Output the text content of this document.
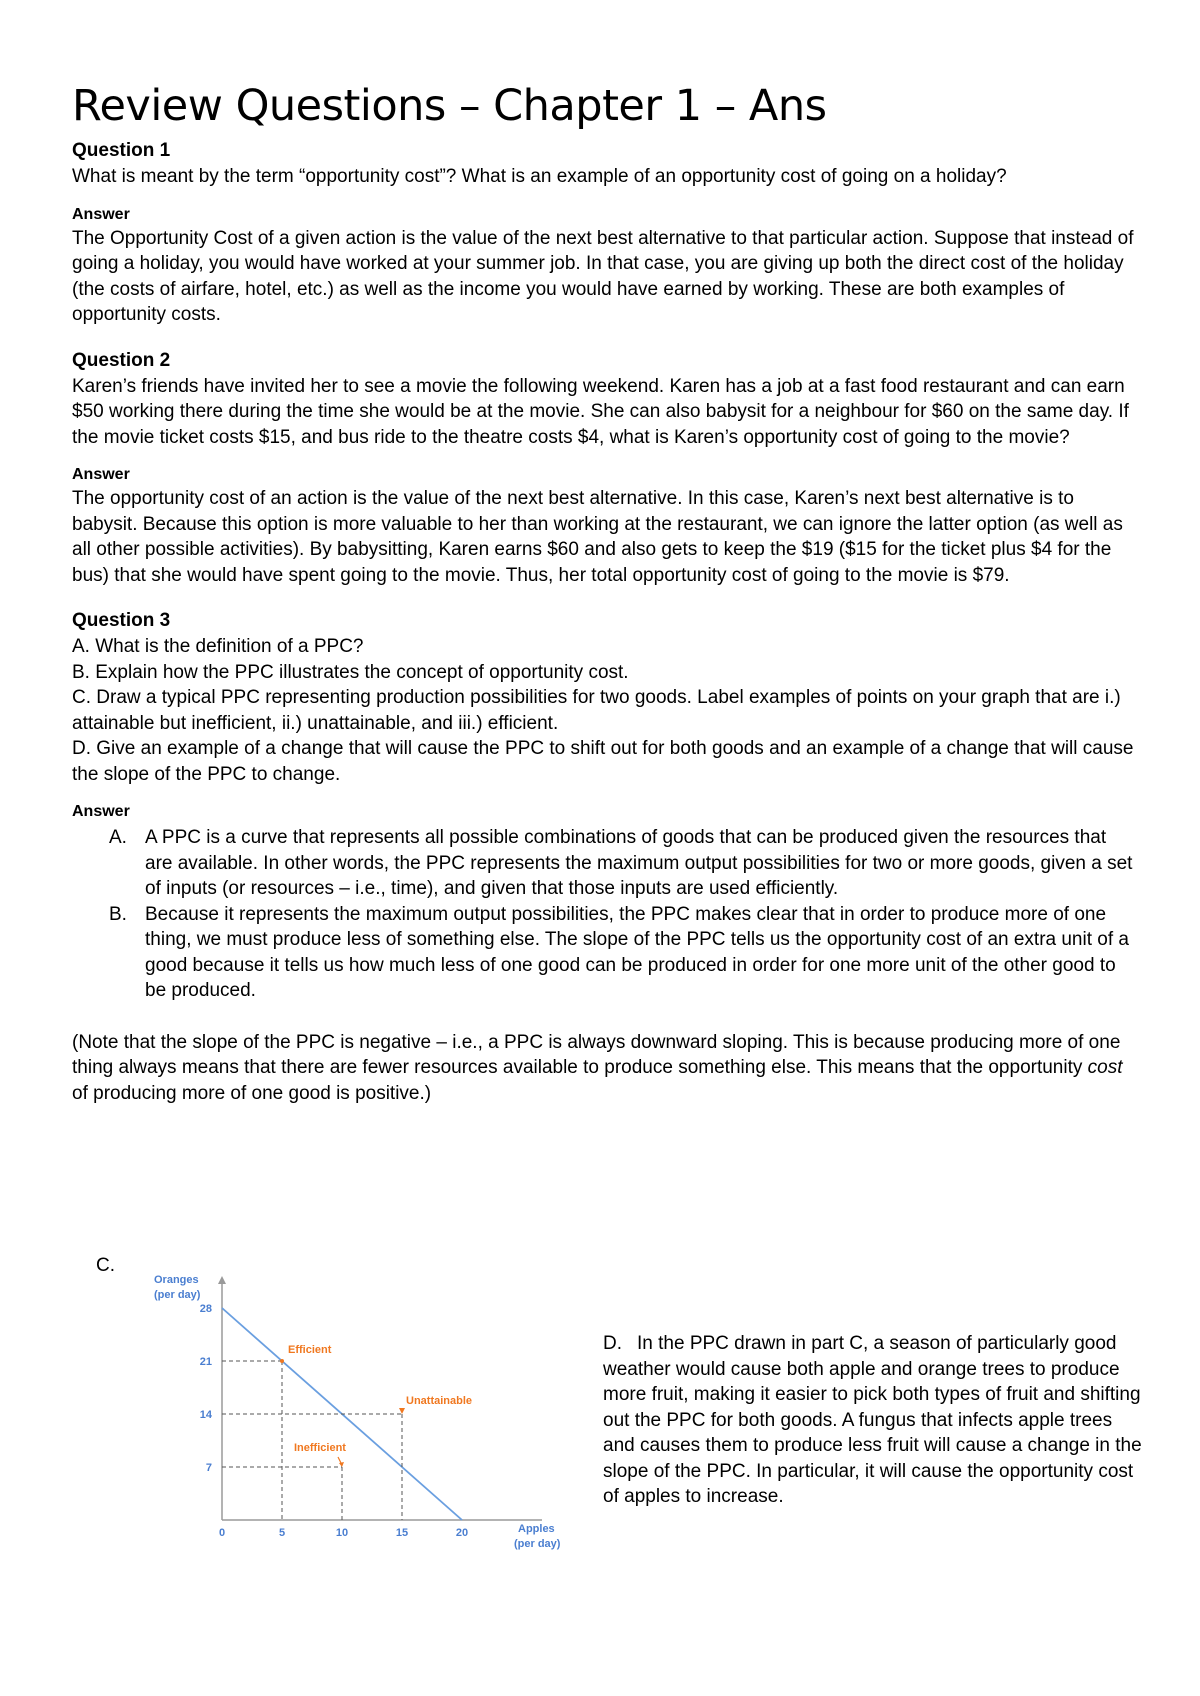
Review Questions – Chapter 1 – Ans
Question 1

What is meant by the term “opportunity cost”? What is an example of an opportunity cost of going on a holiday?

Answer

The Opportunity Cost of a given action is the value of the next best alternative to that particular action. Suppose that instead of going a holiday, you would have worked at your summer job. In that case, you are giving up both the direct cost of the holiday (the costs of airfare, hotel, etc.) as well as the income you would have earned by working. These are both examples of opportunity costs.

Question 2

Karen’s friends have invited her to see a movie the following weekend. Karen has a job at a fast food restaurant and can earn $50 working there during the time she would be at the movie. She can also babysit for a neighbour for $60 on the same day. If the movie ticket costs $15, and bus ride to the theatre costs $4, what is Karen’s opportunity cost of going to the movie?

Answer

The opportunity cost of an action is the value of the next best alternative. In this case, Karen’s next best alternative is to babysit. Because this option is more valuable to her than working at the restaurant, we can ignore the latter option (as well as all other possible activities). By babysitting, Karen earns $60 and also gets to keep the $19 ($15 for the ticket plus $4 for the bus) that she would have spent going to the movie. Thus, her total opportunity cost of going to the movie is $79.

Question 3

A. What is the definition of a PPC?

B. Explain how the PPC illustrates the concept of opportunity cost.

C. Draw a typical PPC representing production possibilities for two goods. Label examples of points on your graph that are i.) attainable but inefficient, ii.) unattainable, and iii.) efficient.

D. Give an example of a change that will cause the PPC to shift out for both goods and an example of a change that will cause the slope of the PPC to change.

Answer
A. A PPC is a curve that represents all possible combinations of goods that can be produced given the resources that are available. In other words, the PPC represents the maximum output possibilities for two or more goods, given a set of inputs (or resources – i.e., time), and given that those inputs are used efficiently.
B. Because it represents the maximum output possibilities, the PPC makes clear that in order to produce more of one thing, we must produce less of something else. The slope of the PPC tells us the opportunity cost of an extra unit of a good because it tells us how much less of one good can be produced in order for one more unit of the other good to be produced.

(Note that the slope of the PPC is negative – i.e., a PPC is always downward sloping. This is because producing more of one thing always means that there are fewer resources available to produce something else. This means that the opportunity cost of producing more of one good is positive.)

C.
Oranges
(per day)
Apples
(per day)
0	5	10	15	20
7
14
21
28
Efficient
Unattainable
Inefficient
D. In the PPC drawn in part C, a season of particularly good weather would cause both apple and orange trees to produce more fruit, making it easier to pick both types of fruit and shifting out the PPC for both goods. A fungus that infects apple trees and causes them to produce less fruit will cause a change in the slope of the PPC. In particular, it will cause the opportunity cost of apples to increase.
